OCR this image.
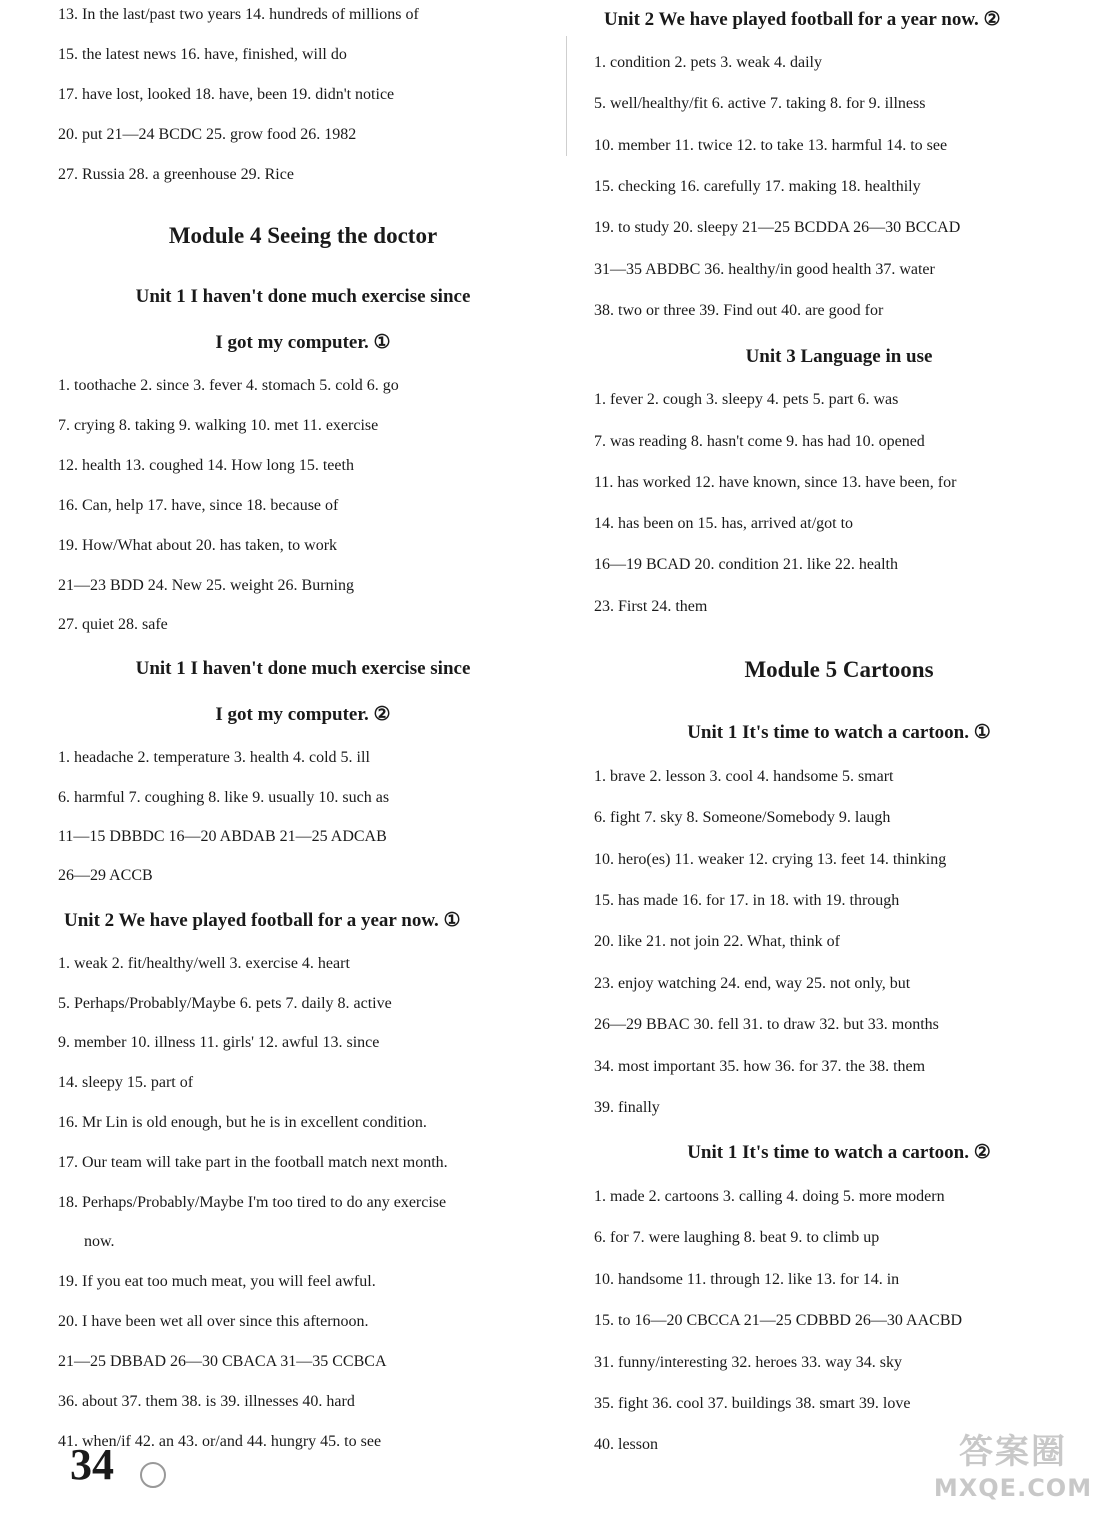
13. In the last/past two years 14. hundreds of millions of
15. the latest news 16. have, finished, will do
17. have lost, looked 18. have, been 19. didn't notice
20. put 21—24 BCDC 25. grow food 26. 1982
27. Russia 28. a greenhouse 29. Rice
Module 4 Seeing the doctor
Unit 1 I haven't done much exercise since
I got my computer. ①
1. toothache 2. since 3. fever 4. stomach 5. cold 6. go
7. crying 8. taking 9. walking 10. met 11. exercise
12. health 13. coughed 14. How long 15. teeth
16. Can, help 17. have, since 18. because of
19. How/What about 20. has taken, to work
21—23 BDD 24. New 25. weight 26. Burning
27. quiet 28. safe
Unit 1 I haven't done much exercise since
I got my computer. ②
1. headache 2. temperature 3. health 4. cold 5. ill
6. harmful 7. coughing 8. like 9. usually 10. such as
11—15 DBBDC 16—20 ABDAB 21—25 ADCAB
26—29 ACCB
Unit 2 We have played football for a year now. ①
1. weak 2. fit/healthy/well 3. exercise 4. heart
5. Perhaps/Probably/Maybe 6. pets 7. daily 8. active
9. member 10. illness 11. girls' 12. awful 13. since
14. sleepy 15. part of
16. Mr Lin is old enough, but he is in excellent condition.
17. Our team will take part in the football match next month.
18. Perhaps/Probably/Maybe I'm too tired to do any exercise
now.
19. If you eat too much meat, you will feel awful.
20. I have been wet all over since this afternoon.
21—25 DBBAD 26—30 CBACA 31—35 CCBCA
36. about 37. them 38. is 39. illnesses 40. hard
41. when/if 42. an 43. or/and 44. hungry 45. to see
Unit 2 We have played football for a year now. ②
1. condition 2. pets 3. weak 4. daily
5. well/healthy/fit 6. active 7. taking 8. for 9. illness
10. member 11. twice 12. to take 13. harmful 14. to see
15. checking 16. carefully 17. making 18. healthily
19. to study 20. sleepy 21—25 BCDDA 26—30 BCCAD
31—35 ABDBC 36. healthy/in good health 37. water
38. two or three 39. Find out 40. are good for
Unit 3 Language in use
1. fever 2. cough 3. sleepy 4. pets 5. part 6. was
7. was reading 8. hasn't come 9. has had 10. opened
11. has worked 12. have known, since 13. have been, for
14. has been on 15. has, arrived at/got to
16—19 BCAD 20. condition 21. like 22. health
23. First 24. them
Module 5 Cartoons
Unit 1 It's time to watch a cartoon. ①
1. brave 2. lesson 3. cool 4. handsome 5. smart
6. fight 7. sky 8. Someone/Somebody 9. laugh
10. hero(es) 11. weaker 12. crying 13. feet 14. thinking
15. has made 16. for 17. in 18. with 19. through
20. like 21. not join 22. What, think of
23. enjoy watching 24. end, way 25. not only, but
26—29 BBAC 30. fell 31. to draw 32. but 33. months
34. most important 35. how 36. for 37. the 38. them
39. finally
Unit 1 It's time to watch a cartoon. ②
1. made 2. cartoons 3. calling 4. doing 5. more modern
6. for 7. were laughing 8. beat 9. to climb up
10. handsome 11. through 12. like 13. for 14. in
15. to 16—20 CBCCA 21—25 CDBBD 26—30 AACBD
31. funny/interesting 32. heroes 33. way 34. sky
35. fight 36. cool 37. buildings 38. smart 39. love
40. lesson
34	答案圈
MXQE.COM
